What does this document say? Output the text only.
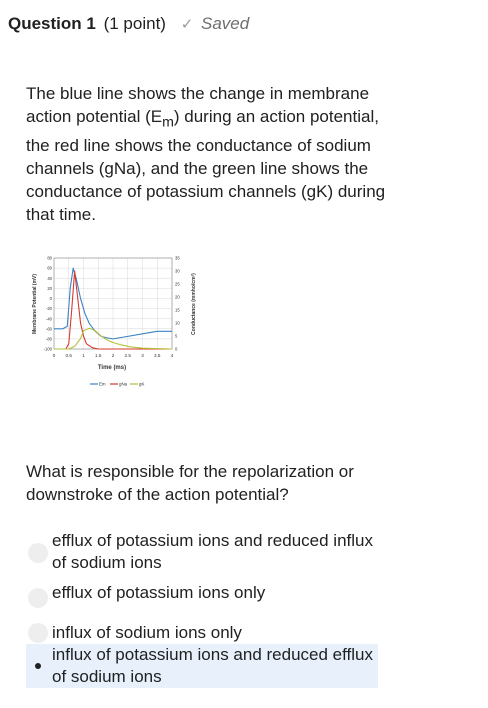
Question 1 (1 point) ✓ Saved

The blue line shows the change in membrane action potential $(E_m)$ during an action potential, the red line shows the conductance of sodium channels (gNa), and the green line shows the conductance of potassium channels (gK) during that time.

80
60
40
20
0
-20
-40
-60
-80
-100
35
30
25
20
15
10
5
0
0 0.5 1 1.5 2 2.5 3 3.5 4
Time (ms)
Membrane Potential (mV)	Conductance (mmho/cm²)
Em	gNa	gK

What is responsible for the repolarization or downstroke of the action potential?

efflux of potassium ions and reduced influx of sodium ions
efflux of potassium ions only
influx of sodium ions only
influx of potassium ions and reduced efflux of sodium ions
